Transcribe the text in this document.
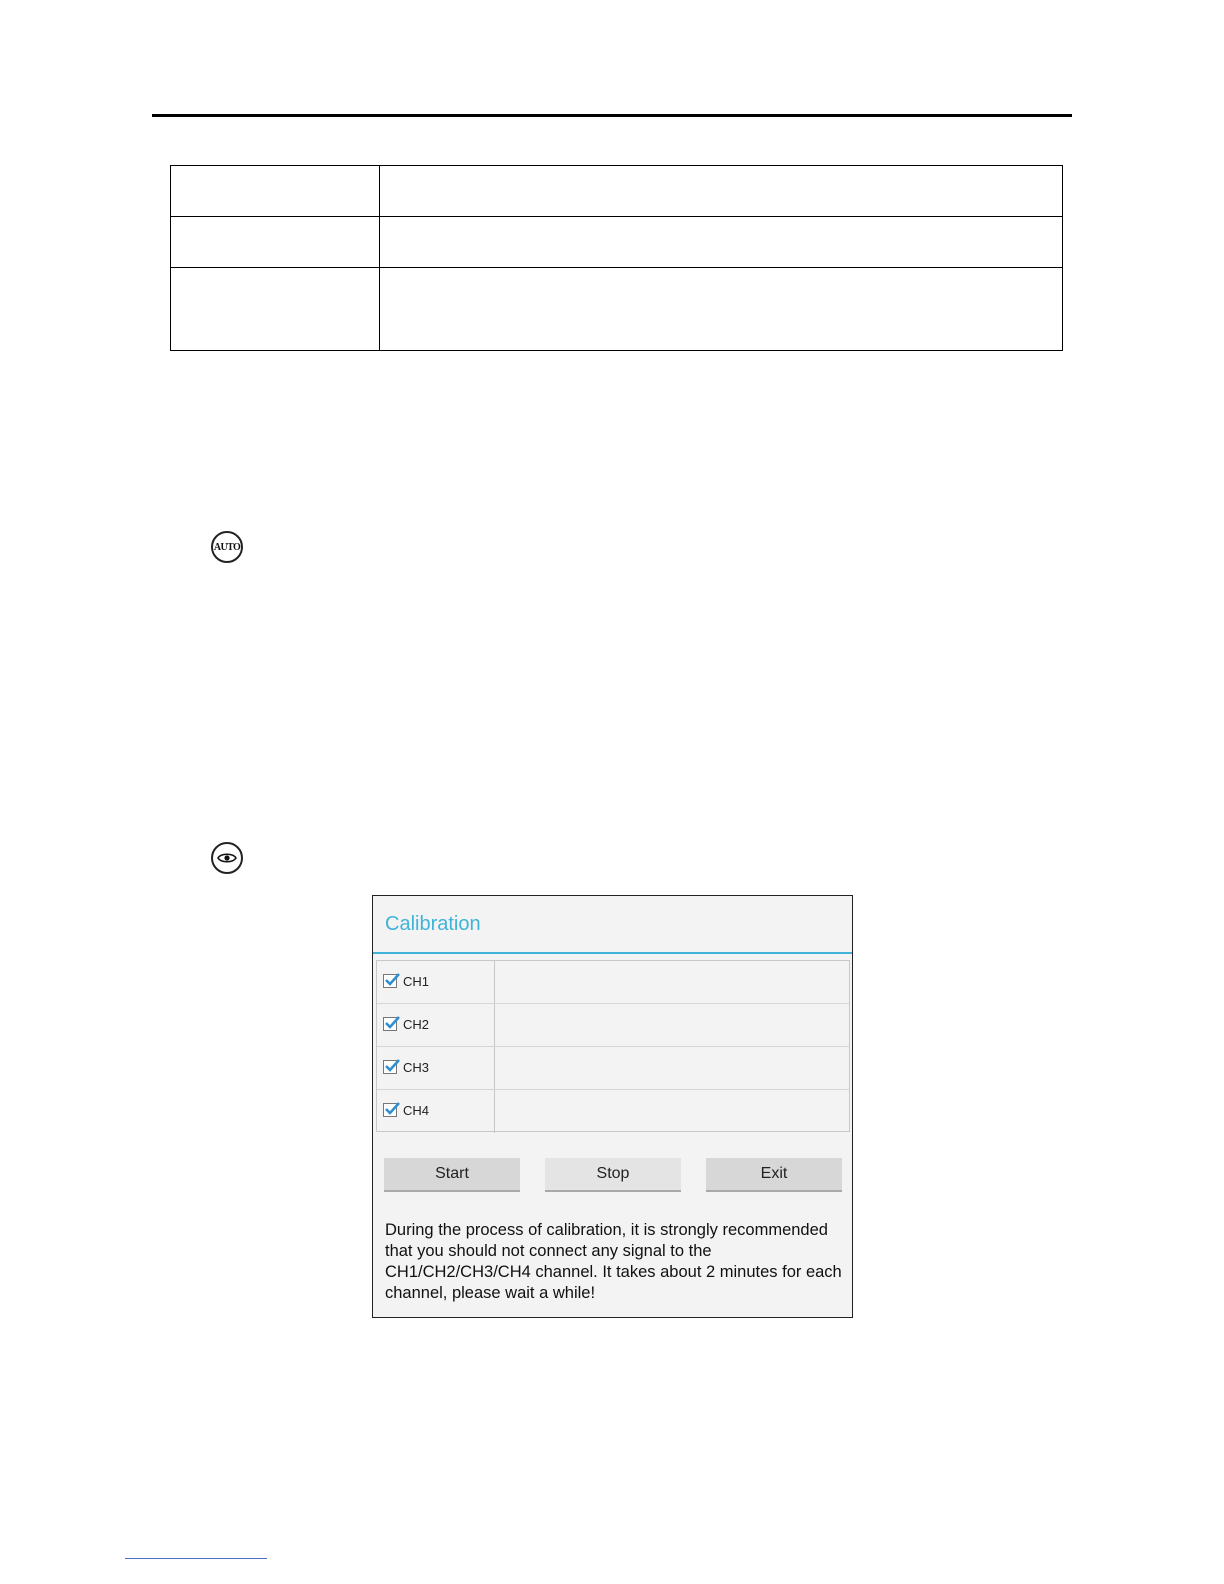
AUTO
Calibration
CH1
CH2
CH3
CH4
Start	Stop	Exit

During the process of calibration, it is strongly recommended that you should not connect any signal to the CH1/CH2/CH3/CH4 channel. It takes about 2 minutes for each channel, please wait a while!
